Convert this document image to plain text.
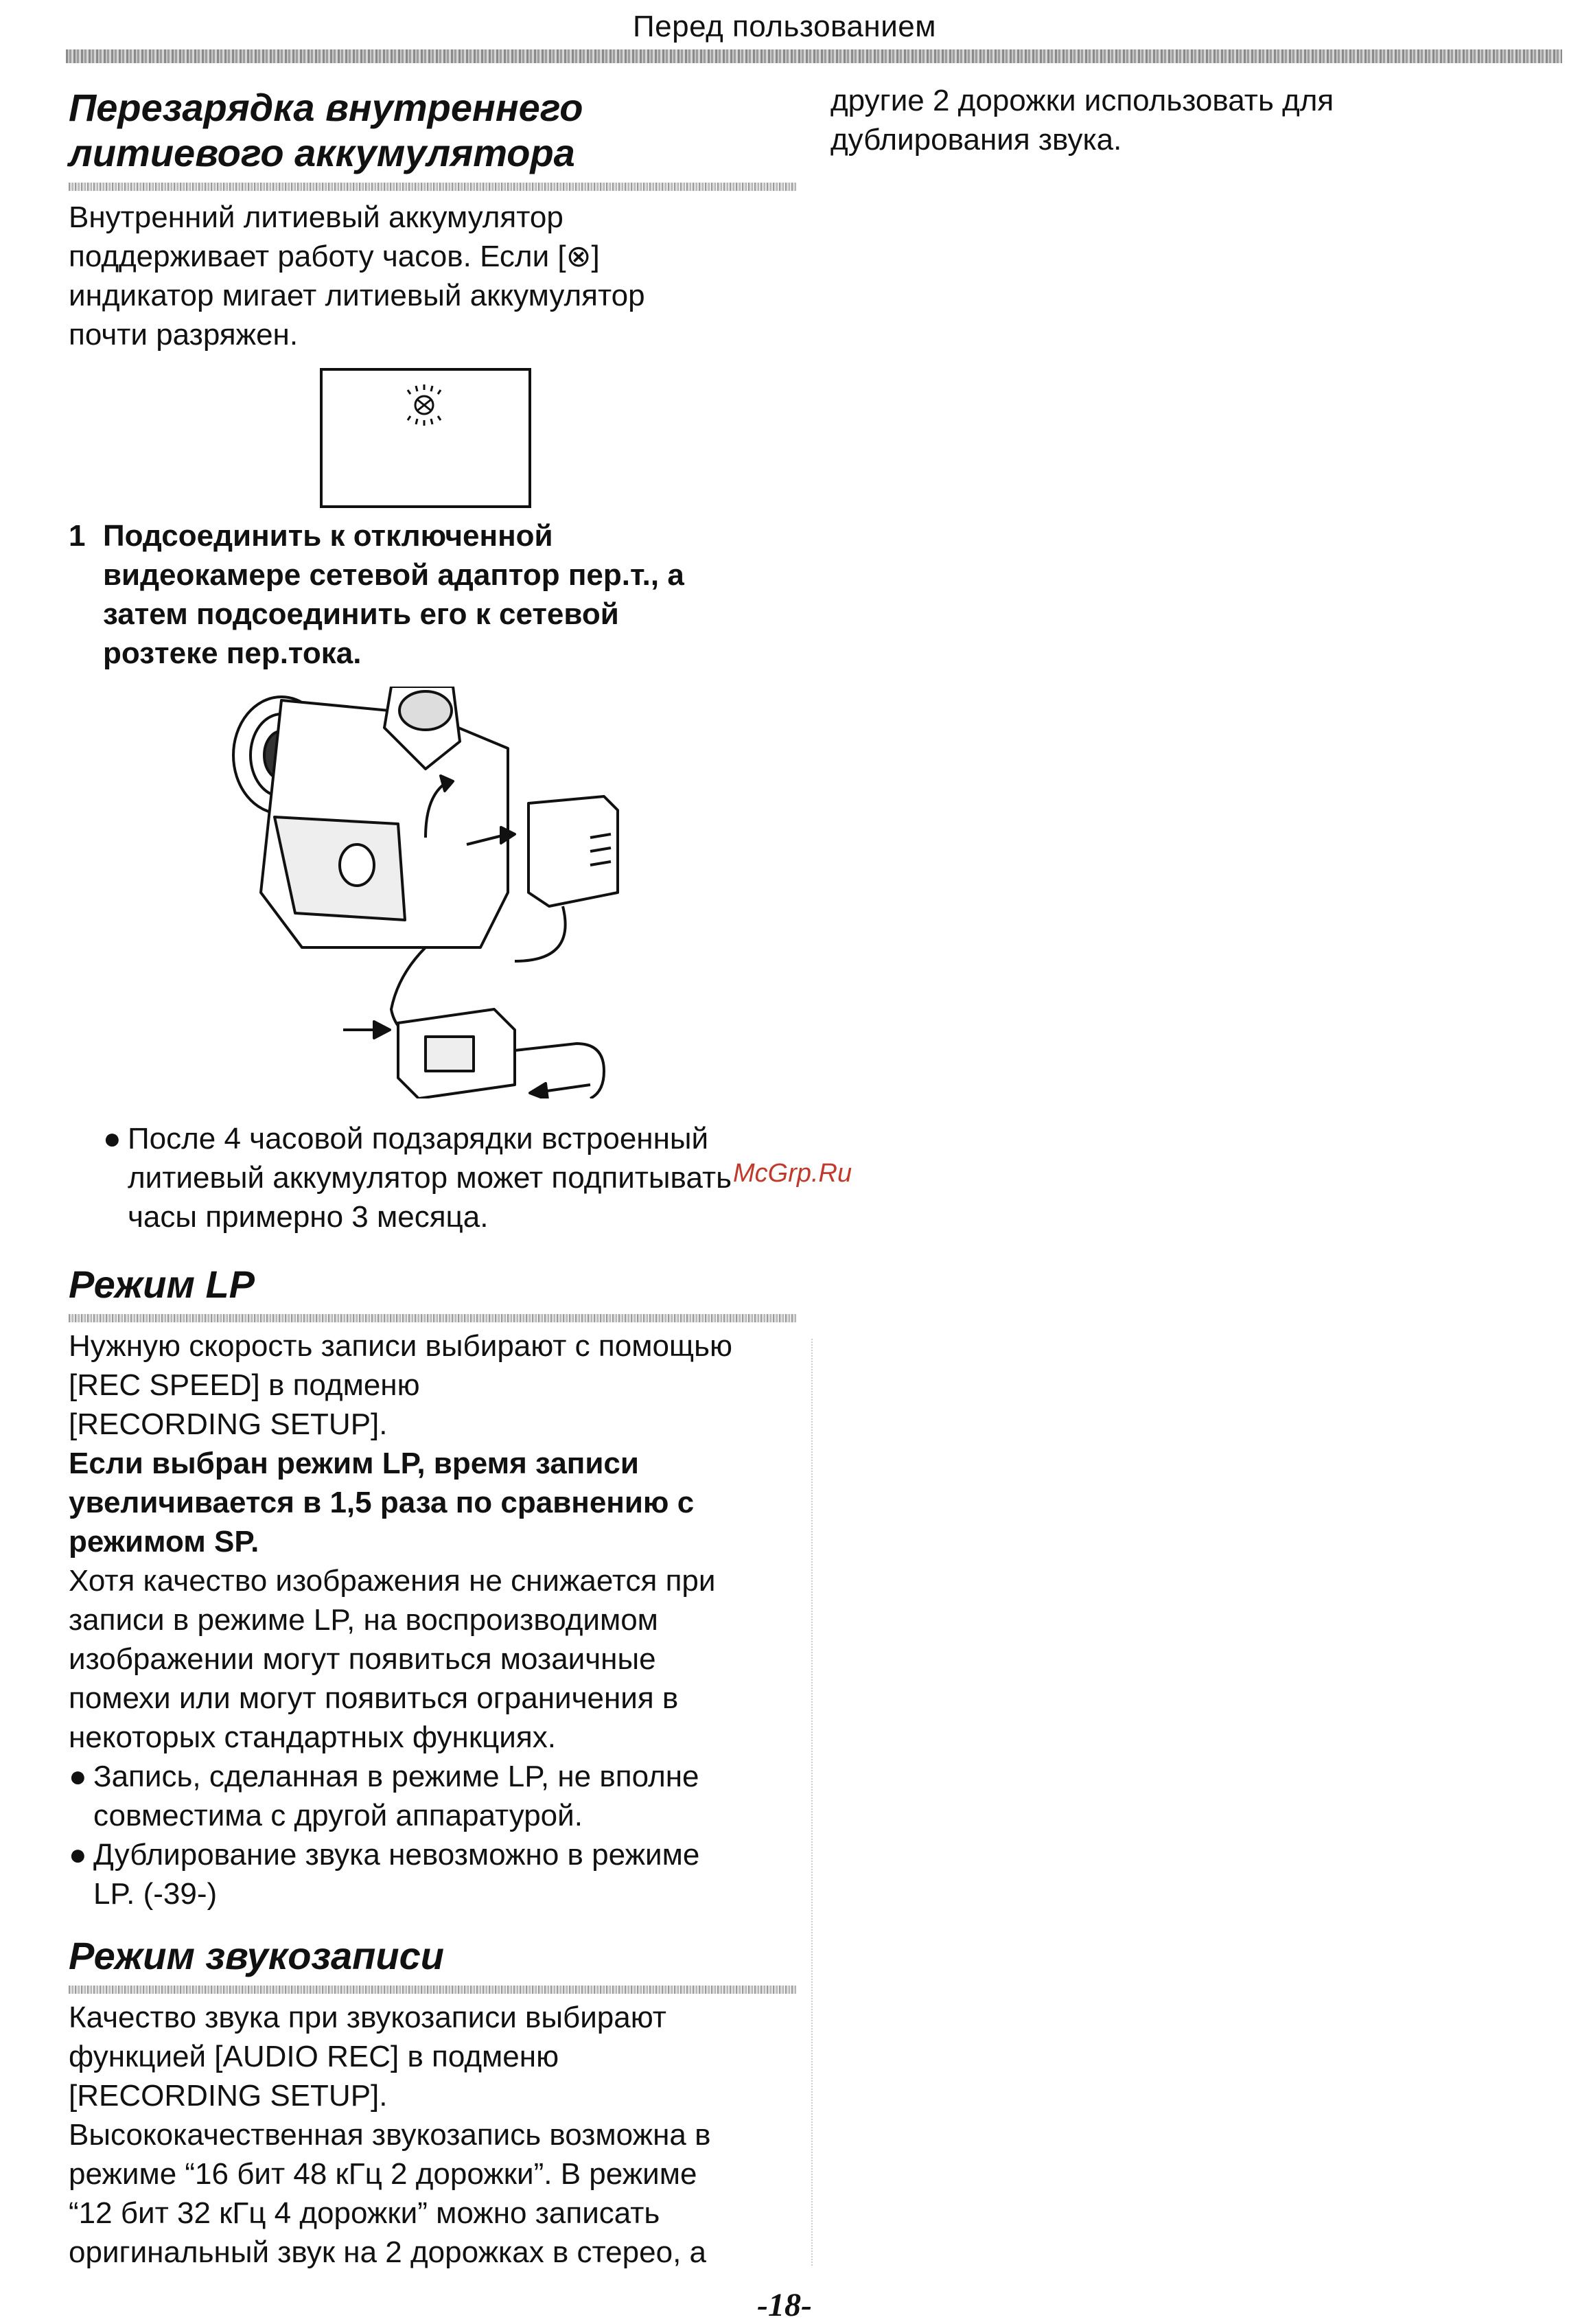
Перед пользованием

другие 2 дорожки использовать для

дублирования звука.

Перезарядка внутреннего
литиевого аккумулятора

Внутренний литиевый аккумулятор

поддерживает работу часов. Если [⊗]

индикатор мигает литиевый аккумулятор

почти разряжен.

1 Подсоединить к отключенной

видеокамере сетевой адаптор пер.т., а

затем подсоединить его к сетевой

розтеке пер.тока.

● После 4 часовой подзарядки встроенный

литиевый аккумулятор может подпитывать

часы примерно 3 месяца.

McGrp.Ru
Режим LP

Нужную скорость записи выбирают с помощью

[REC SPEED] в подменю

[RECORDING SETUP].

Если выбран режим LP, время записи

увеличивается в 1,5 раза по сравнению с

режимом SP.

Хотя качество изображения не снижается при

записи в режиме LP, на воспроизводимом

изображении могут появиться мозаичные

помехи или могут появиться ограничения в

некоторых стандартных функциях.

● Запись, сделанная в режиме LP, не вполне

совместима с другой аппаратурой.

● Дублирование звука невозможно в режиме

LP. (-39-)

Режим звукозаписи

Качество звука при звукозаписи выбирают

функцией [AUDIO REC] в подменю

[RECORDING SETUP].

Высококачественная звукозапись возможна в

режиме “16 бит 48 кГц 2 дорожки”. В режиме

“12 бит 32 кГц 4 дорожки” можно записать

оригинальный звук на 2 дорожках в стерео, а

-18-
